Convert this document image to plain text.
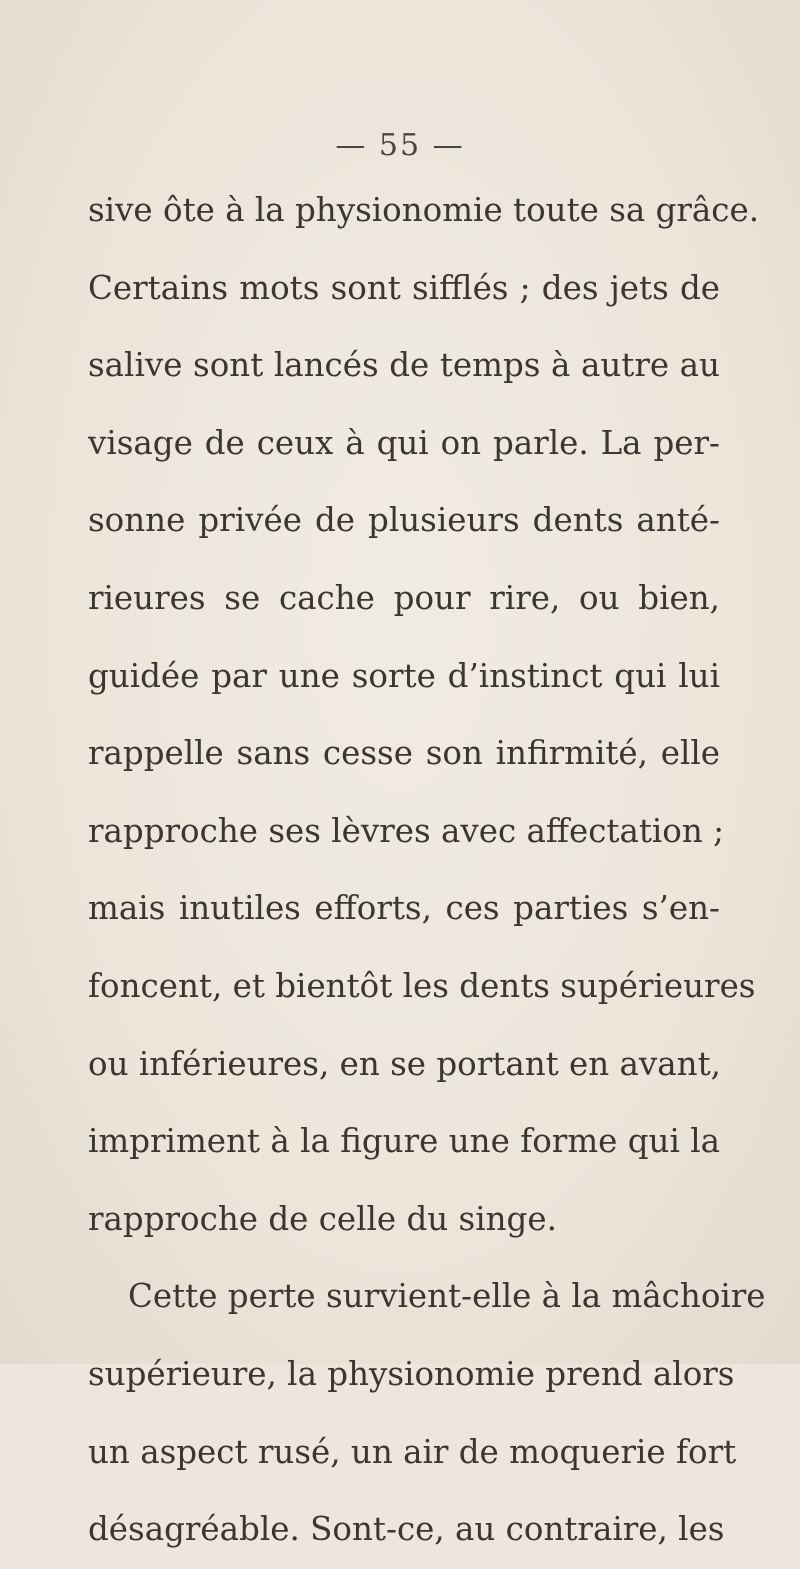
— 55 —
sive ôte à la physionomie toute sa grâce.
Certains mots sont sifflés ; des jets de
salive sont lancés de temps à autre au
visage de ceux à qui on parle. La per-
sonne privée de plusieurs dents anté-
rieures se cache pour rire, ou bien,
guidée par une sorte d’instinct qui lui
rappelle sans cesse son infirmité, elle
rapproche ses lèvres avec affectation ;
mais inutiles efforts, ces parties s’en-
foncent, et bientôt les dents supérieures
ou inférieures, en se portant en avant,
impriment à la figure une forme qui la
rapproche de celle du singe.
Cette perte survient-elle à la mâchoire
supérieure, la physionomie prend alors
un aspect rusé, un air de moquerie fort
désagréable. Sont-ce, au contraire, les
